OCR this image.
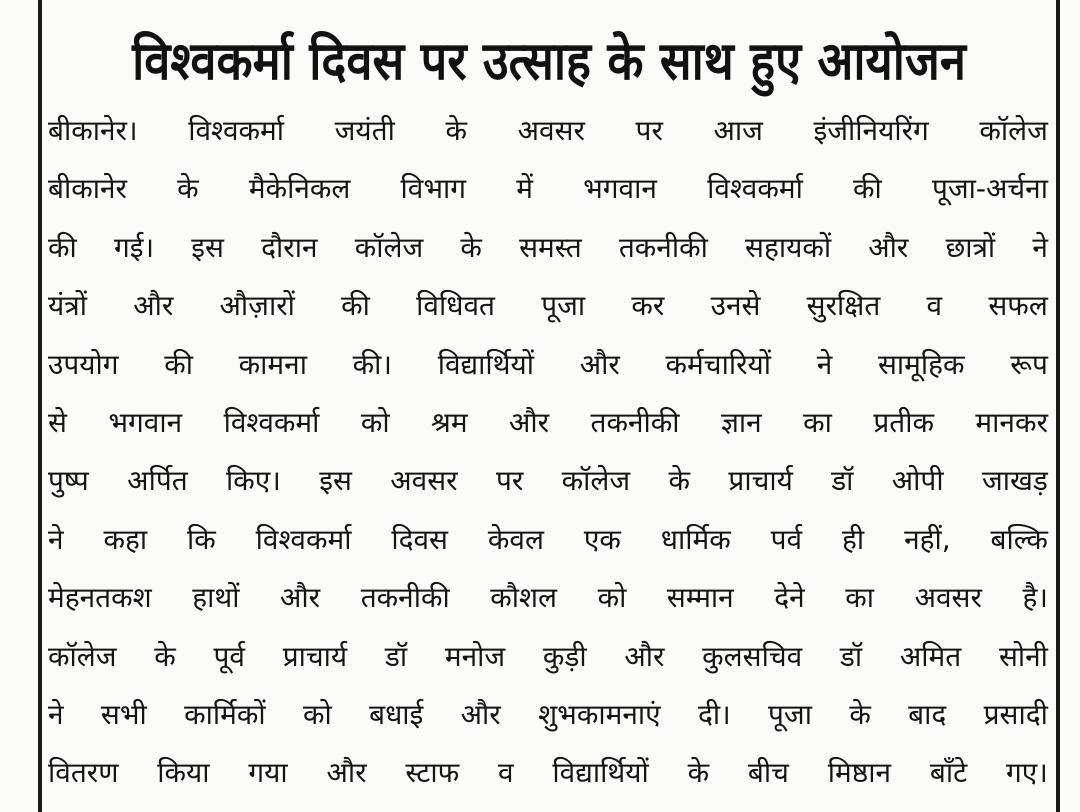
विश्वकर्मा दिवस पर उत्साह के साथ हुए आयोजन
बीकानेर। विश्वकर्मा जयंती के अवसर पर आज इंजीनियरिंग कॉलेज
बीकानेर के मैकेनिकल विभाग में भगवान विश्वकर्मा की पूजा-अर्चना
की गई। इस दौरान कॉलेज के समस्त तकनीकी सहायकों और छात्रों ने
यंत्रों और औज़ारों की विधिवत पूजा कर उनसे सुरक्षित व सफल
उपयोग की कामना की। विद्यार्थियों और कर्मचारियों ने सामूहिक रूप
से भगवान विश्वकर्मा को श्रम और तकनीकी ज्ञान का प्रतीक मानकर
पुष्प अर्पित किए। इस अवसर पर कॉलेज के प्राचार्य डॉ ओपी जाखड़
ने कहा कि विश्वकर्मा दिवस केवल एक धार्मिक पर्व ही नहीं, बल्कि
मेहनतकश हाथों और तकनीकी कौशल को सम्मान देने का अवसर है।
कॉलेज के पूर्व प्राचार्य डॉ मनोज कुड़ी और कुलसचिव डॉ अमित सोनी
ने सभी कार्मिकों को बधाई और शुभकामनाएं दी। पूजा के बाद प्रसादी
वितरण किया गया और स्टाफ व विद्यार्थियों के बीच मिष्ठान बाँटे गए।
